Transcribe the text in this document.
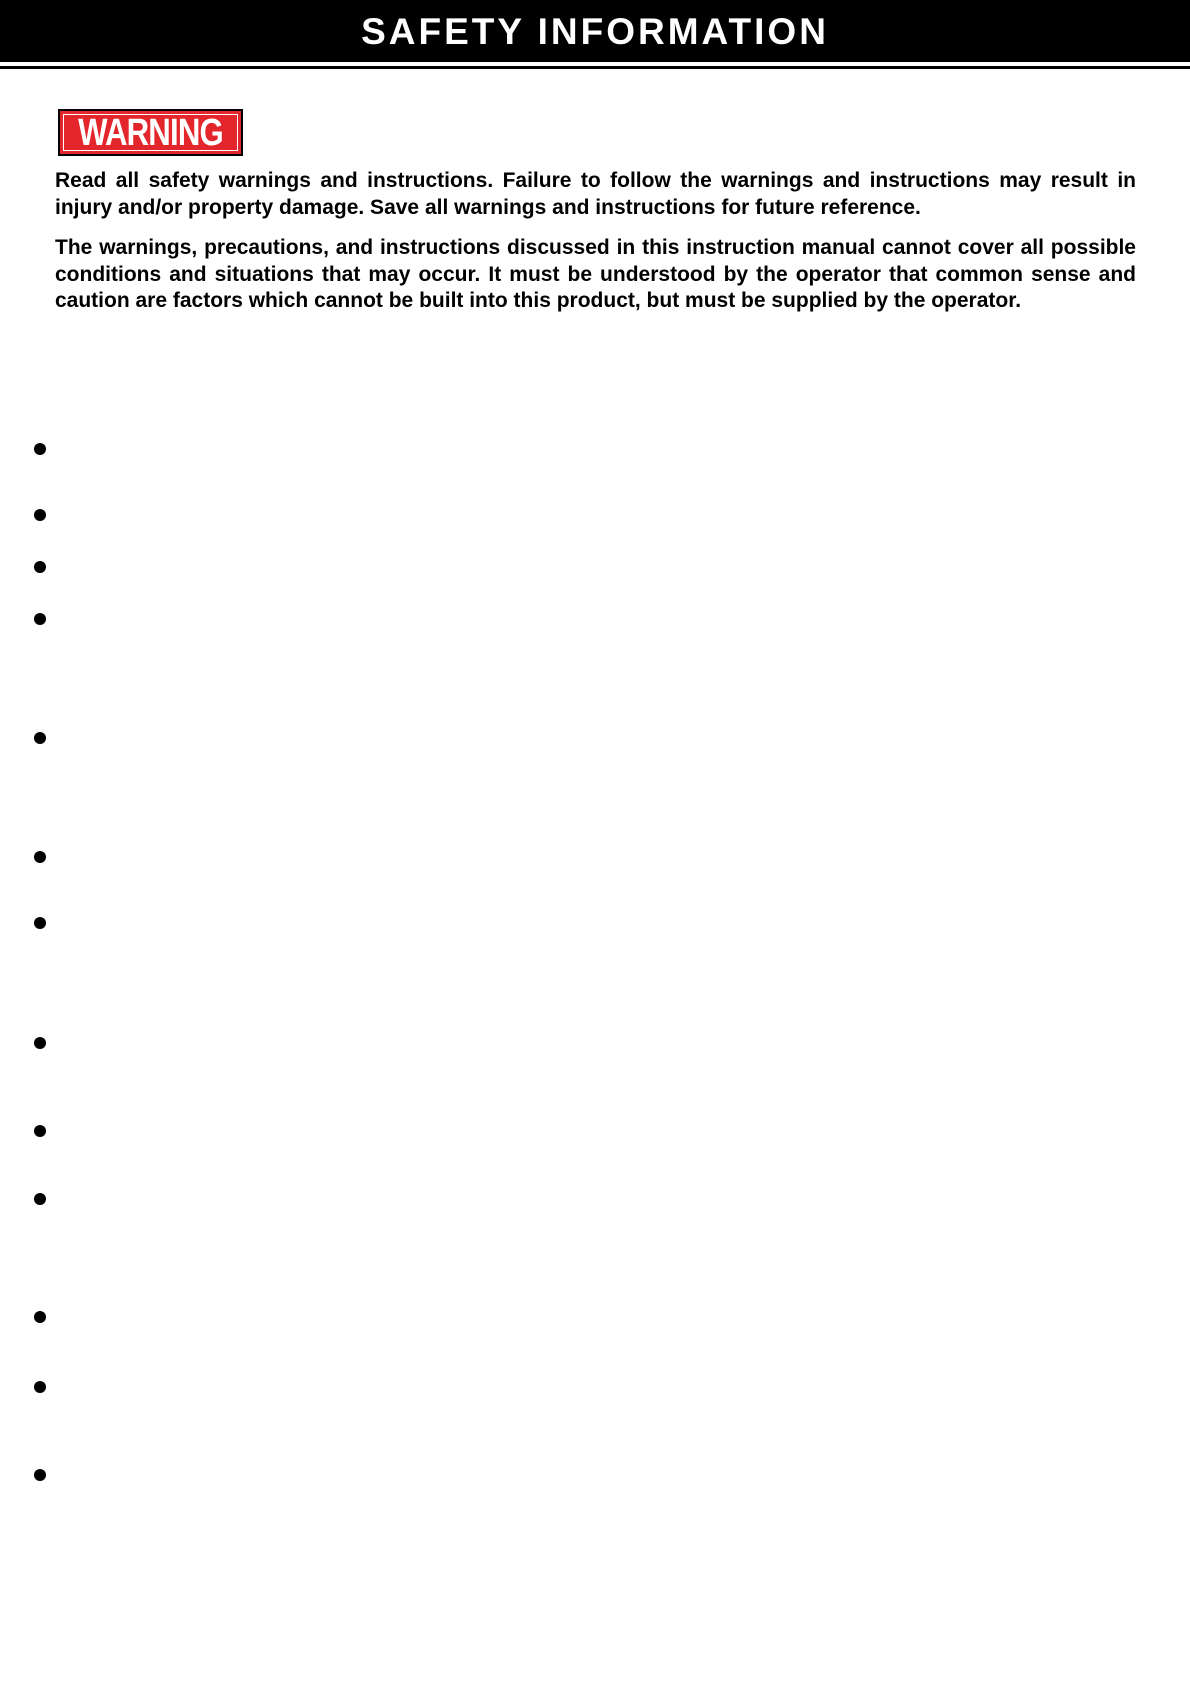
SAFETY INFORMATION
WARNING

Read all safety warnings and instructions. Failure to follow the warnings and instructions may result in injury and/or property damage. Save all warnings and instructions for future reference.

The warnings, precautions, and instructions discussed in this instruction manual cannot cover all possible conditions and situations that may occur. It must be understood by the operator that common sense and caution are factors which cannot be built into this product, but must be supplied by the operator.
